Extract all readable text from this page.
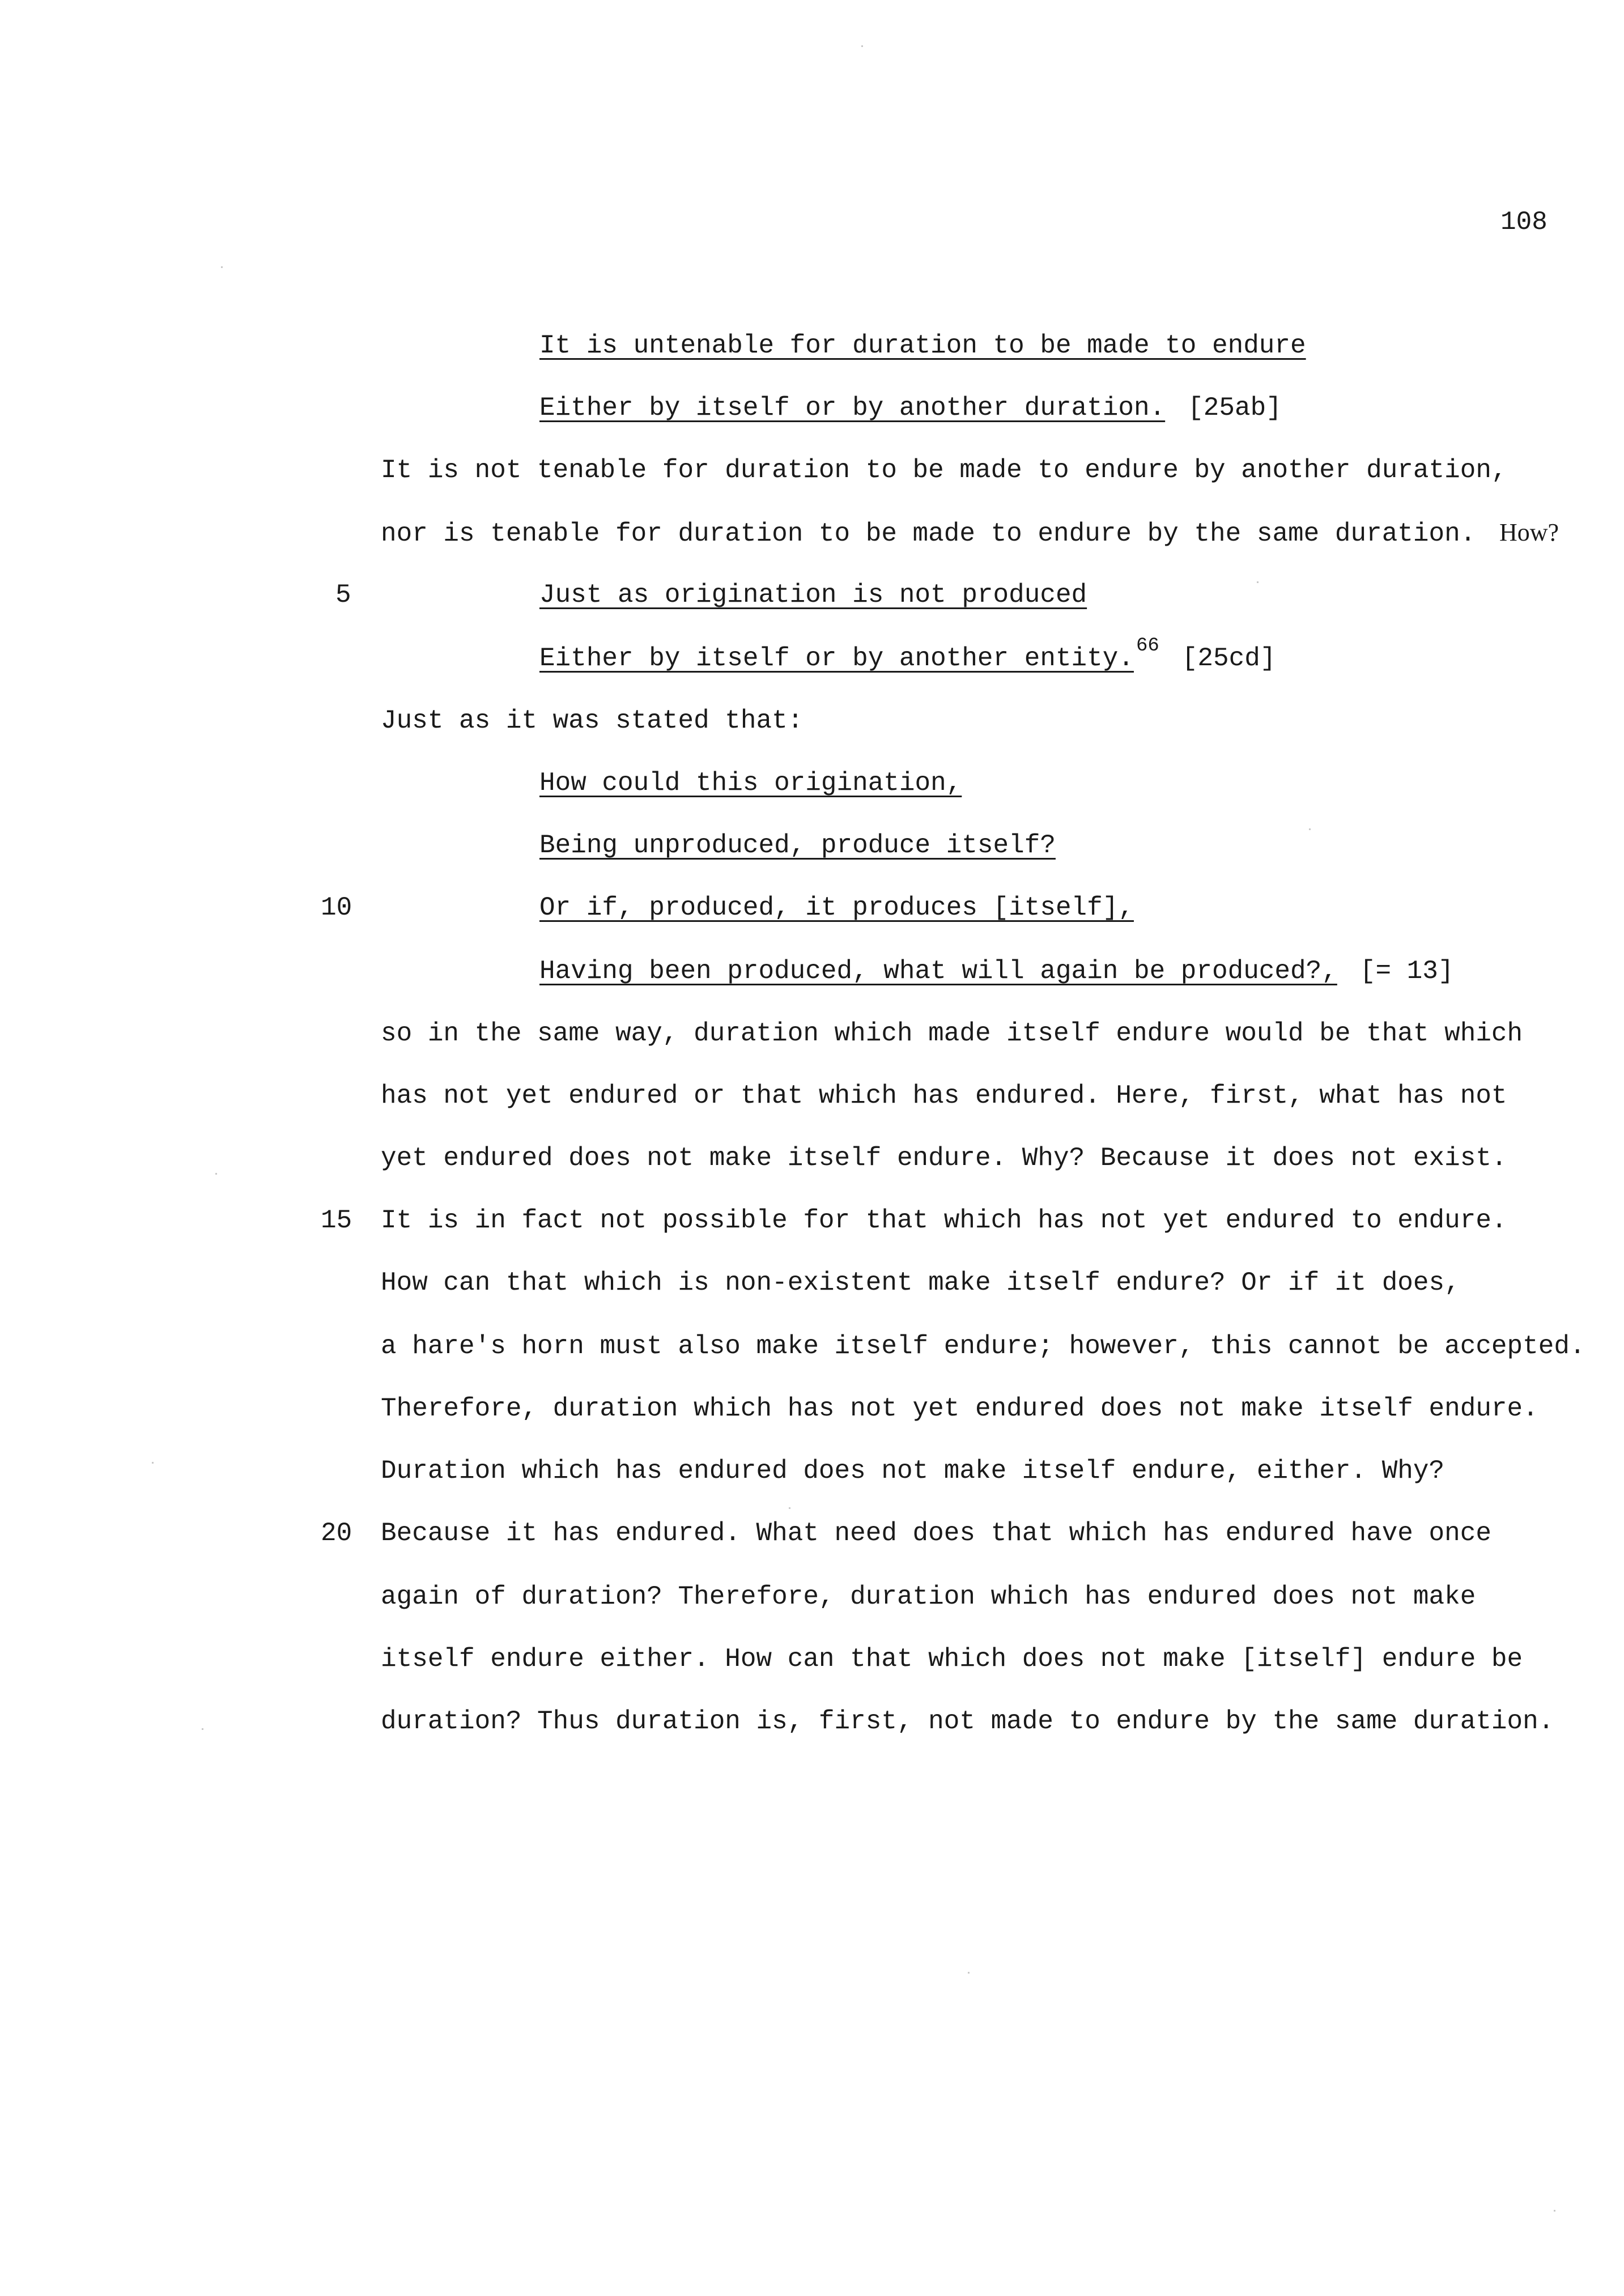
108
It is untenable for duration to be made to endure
Either by itself or by another duration. [25ab]
It is not tenable for duration to be made to endure by another duration,
nor is tenable for duration to be made to endure by the same duration. How?
5	Just as origination is not produced
Either by itself or by another entity. $^{66}$ [25cd]
Just as it was stated that:
How could this origination,
Being unproduced, produce itself?
10	Or if, produced, it produces [itself],
Having been produced, what will again be produced?, [= 13]
so in the same way, duration which made itself endure would be that which
has not yet endured or that which has endured. Here, first, what has not
yet endured does not make itself endure. Why? Because it does not exist.
15 It is in fact not possible for that which has not yet endured to endure.
How can that which is non-existent make itself endure? Or if it does,
a hare's horn must also make itself endure; however, this cannot be accepted.
Therefore, duration which has not yet endured does not make itself endure.
Duration which has endured does not make itself endure, either. Why?
20 Because it has endured. What need does that which has endured have once
again of duration? Therefore, duration which has endured does not make
itself endure either. How can that which does not make [itself] endure be
duration? Thus duration is, first, not made to endure by the same duration.
